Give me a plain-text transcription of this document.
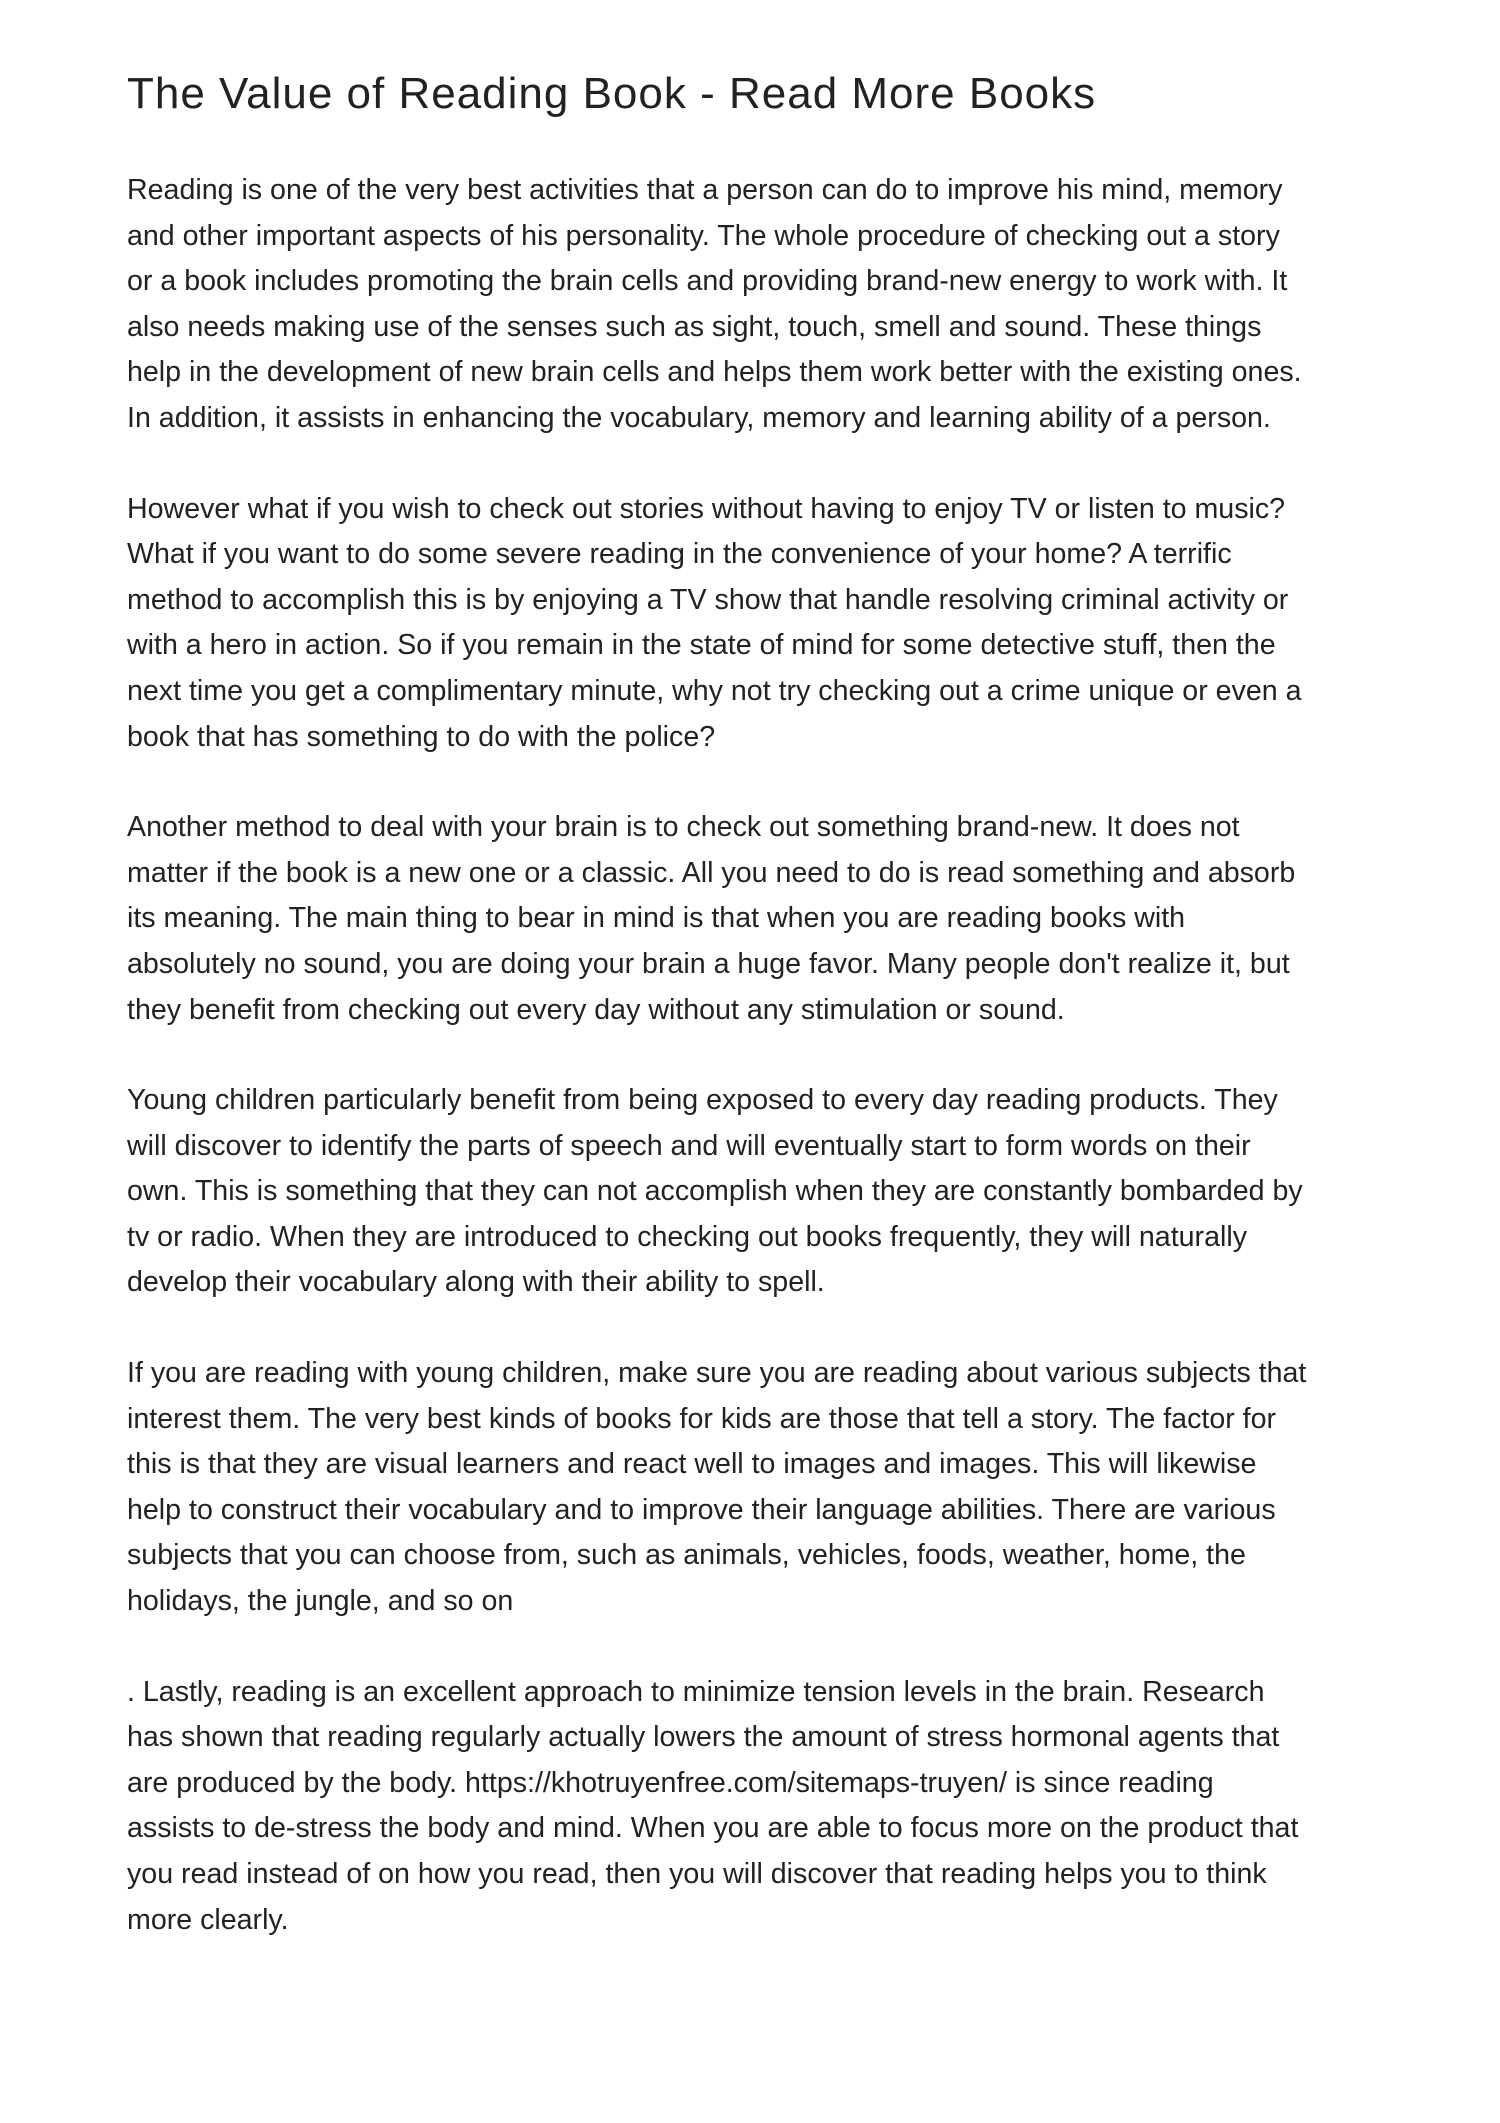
The Value of Reading Book - Read More Books

Reading is one of the very best activities that a person can do to improve his mind, memory
and other important aspects of his personality. The whole procedure of checking out a story
or a book includes promoting the brain cells and providing brand-new energy to work with. It
also needs making use of the senses such as sight, touch, smell and sound. These things
help in the development of new brain cells and helps them work better with the existing ones.
In addition, it assists in enhancing the vocabulary, memory and learning ability of a person.

However what if you wish to check out stories without having to enjoy TV or listen to music?
What if you want to do some severe reading in the convenience of your home? A terrific
method to accomplish this is by enjoying a TV show that handle resolving criminal activity or
with a hero in action. So if you remain in the state of mind for some detective stuff, then the
next time you get a complimentary minute, why not try checking out a crime unique or even a
book that has something to do with the police?

Another method to deal with your brain is to check out something brand-new. It does not
matter if the book is a new one or a classic. All you need to do is read something and absorb
its meaning. The main thing to bear in mind is that when you are reading books with
absolutely no sound, you are doing your brain a huge favor. Many people don't realize it, but
they benefit from checking out every day without any stimulation or sound.

Young children particularly benefit from being exposed to every day reading products. They
will discover to identify the parts of speech and will eventually start to form words on their
own. This is something that they can not accomplish when they are constantly bombarded by
tv or radio. When they are introduced to checking out books frequently, they will naturally
develop their vocabulary along with their ability to spell.

If you are reading with young children, make sure you are reading about various subjects that
interest them. The very best kinds of books for kids are those that tell a story. The factor for
this is that they are visual learners and react well to images and images. This will likewise
help to construct their vocabulary and to improve their language abilities. There are various
subjects that you can choose from, such as animals, vehicles, foods, weather, home, the
holidays, the jungle, and so on

. Lastly, reading is an excellent approach to minimize tension levels in the brain. Research
has shown that reading regularly actually lowers the amount of stress hormonal agents that
are produced by the body. https://khotruyenfree.com/sitemaps-truyen/ is since reading
assists to de-stress the body and mind. When you are able to focus more on the product that
you read instead of on how you read, then you will discover that reading helps you to think
more clearly.
